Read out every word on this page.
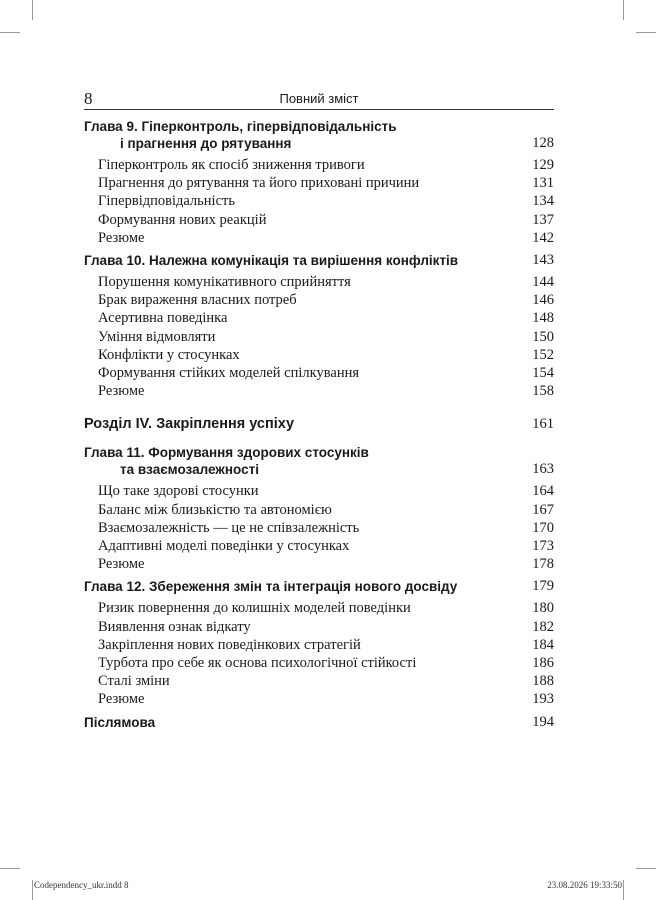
8	Повний зміст
Глава 9. Гіперконтроль, гіпервідповідальність
і прагнення до рятування	128
Гіперконтроль як спосіб зниження тривоги	129
Прагнення до рятування та його приховані причини	131
Гіпервідповідальність	134
Формування нових реакцій	137
Резюме	142
Глава 10. Належна комунікація та вирішення конфліктів	143
Порушення комунікативного сприйняття	144
Брак вираження власних потреб	146
Асертивна поведінка	148
Уміння відмовляти	150
Конфлікти у стосунках	152
Формування стійких моделей спілкування	154
Резюме	158
Розділ IV. Закріплення успіху	161
Глава 11. Формування здорових стосунків
та взаємозалежності	163
Що таке здорові стосунки	164
Баланс між близькістю та автономією	167
Взаємозалежність — це не співзалежність	170
Адаптивні моделі поведінки у стосунках	173
Резюме	178
Глава 12. Збереження змін та інтеграція нового досвіду	179
Ризик повернення до колишніх моделей поведінки	180
Виявлення ознак відкату	182
Закріплення нових поведінкових стратегій	184
Турбота про себе як основа психологічної стійкості	186
Сталі зміни	188
Резюме	193
Післямова	194
Codependency_ukr.indd 8	23.08.2026 19:33:50
